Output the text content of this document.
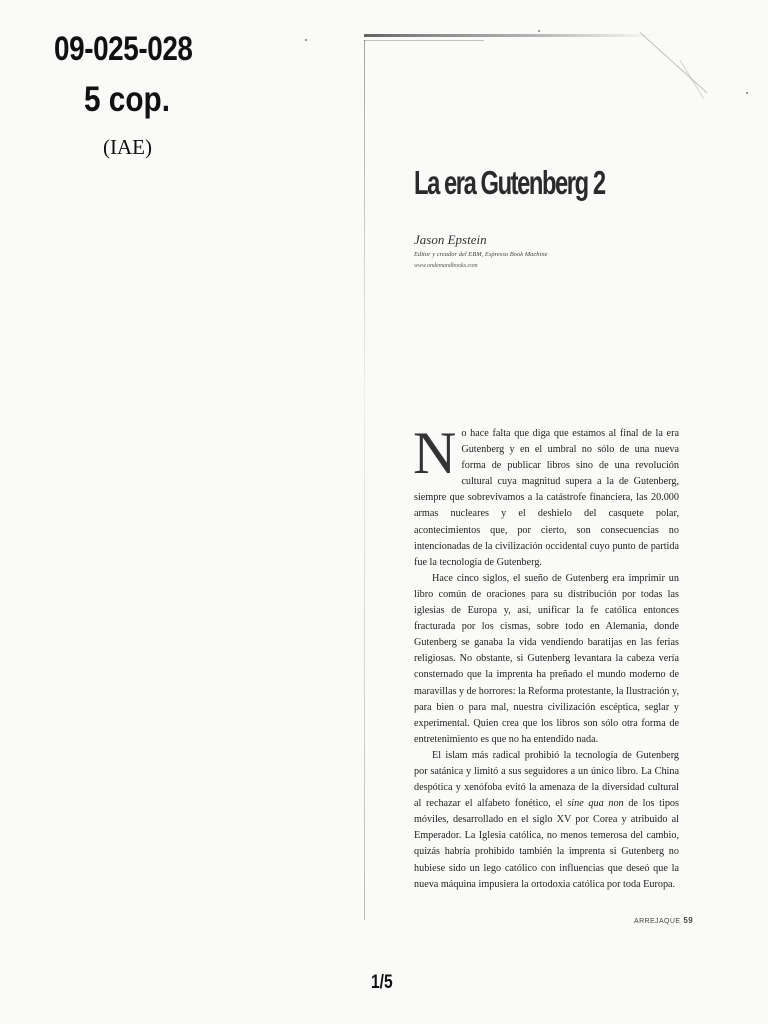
09-025-028
5 cop.
(IAE)
La era Gutenberg 2
Jason Epstein
Editor y creador del EBM, Espresso Book Machine
www.ondemandbooks.com

No hace falta que diga que estamos al final de la era Gutenberg y en el umbral no sólo de una nueva forma de publicar libros sino de una revolución cultural cuya magnitud supera a la de Gutenberg, siempre que sobrevivamos a la catástrofe financiera, las 20.000 armas nucleares y el deshielo del casquete polar, acontecimientos que, por cierto, son consecuencias no intencionadas de la civilización occidental cuyo punto de partida fue la tecnología de Gutenberg.

Hace cinco siglos, el sueño de Gutenberg era imprimir un libro común de oraciones para su distribución por todas las iglesias de Europa y, así, unificar la fe católica entonces fracturada por los cismas, sobre todo en Alemania, donde Gutenberg se ganaba la vida vendiendo baratijas en las ferias religiosas. No obstante, si Gutenberg levantara la cabeza vería consternado que la imprenta ha preñado el mundo moderno de maravillas y de horrores: la Reforma protestante, la Ilustración y, para bien o para mal, nuestra civilización escéptica, seglar y experimental. Quien crea que los libros son sólo otra forma de entretenimiento es que no ha entendido nada.

El islam más radical prohibió la tecnología de Gutenberg por satánica y limitó a sus seguidores a un único libro. La China despótica y xenófoba evitó la amenaza de la diversidad cultural al rechazar el alfabeto fonético, el sine qua non de los tipos móviles, desarrollado en el siglo XV por Corea y atribuido al Emperador. La Iglesia católica, no menos temerosa del cambio, quizás habría prohibido también la imprenta si Gutenberg no hubiese sido un lego católico con influencias que deseó que la nueva máquina impusiera la ortodoxia católica por toda Europa.

ARREJAQUE 59
1/5
